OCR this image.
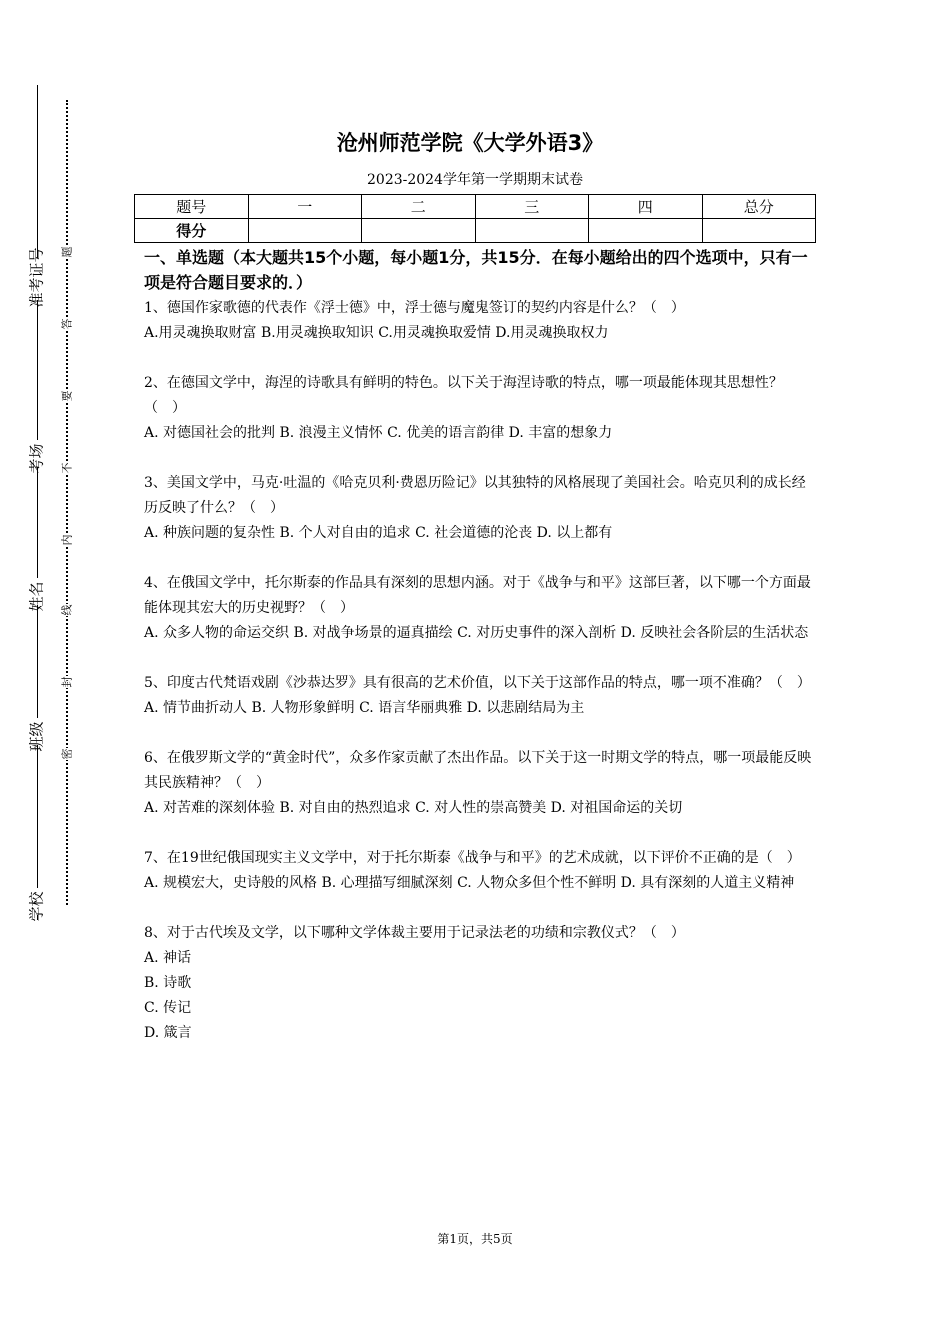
准考证号
考场
姓名
班级
学校
题
答
要
不
内
线
封
密
沧州师范学院《大学外语3》
2023-2024学年第一学期期末试卷
题号	一	二	三	四	总分
得分					
一、单选题（本大题共15个小题，每小题1分，共15分．在每小题给出的四个选项中，只有一项是符合题目要求的．）

1、德国作家歌德的代表作《浮士德》中，浮士德与魔鬼签订的契约内容是什么？（　）

A.用灵魂换取财富 B.用灵魂换取知识 C.用灵魂换取爱情 D.用灵魂换取权力

2、在德国文学中，海涅的诗歌具有鲜明的特色。以下关于海涅诗歌的特点，哪一项最能体现其思想性？（　）

A. 对德国社会的批判 B. 浪漫主义情怀 C. 优美的语言韵律 D. 丰富的想象力

3、美国文学中，马克·吐温的《哈克贝利·费恩历险记》以其独特的风格展现了美国社会。哈克贝利的成长经历反映了什么？（　）

A. 种族问题的复杂性 B. 个人对自由的追求 C. 社会道德的沦丧 D. 以上都有

4、在俄国文学中，托尔斯泰的作品具有深刻的思想内涵。对于《战争与和平》这部巨著，以下哪一个方面最能体现其宏大的历史视野？（　）

A. 众多人物的命运交织 B. 对战争场景的逼真描绘 C. 对历史事件的深入剖析 D. 反映社会各阶层的生活状态

5、印度古代梵语戏剧《沙恭达罗》具有很高的艺术价值，以下关于这部作品的特点，哪一项不准确？（　）

A. 情节曲折动人 B. 人物形象鲜明 C. 语言华丽典雅 D. 以悲剧结局为主

6、在俄罗斯文学的“黄金时代”，众多作家贡献了杰出作品。以下关于这一时期文学的特点，哪一项最能反映其民族精神？（　）

A. 对苦难的深刻体验 B. 对自由的热烈追求 C. 对人性的崇高赞美 D. 对祖国命运的关切

7、在19世纪俄国现实主义文学中，对于托尔斯泰《战争与和平》的艺术成就，以下评价不正确的是（　）

A. 规模宏大，史诗般的风格 B. 心理描写细腻深刻 C. 人物众多但个性不鲜明 D. 具有深刻的人道主义精神

8、对于古代埃及文学，以下哪种文学体裁主要用于记录法老的功绩和宗教仪式？（　）

A. 神话

B. 诗歌

C. 传记

D. 箴言

第1页，共5页
